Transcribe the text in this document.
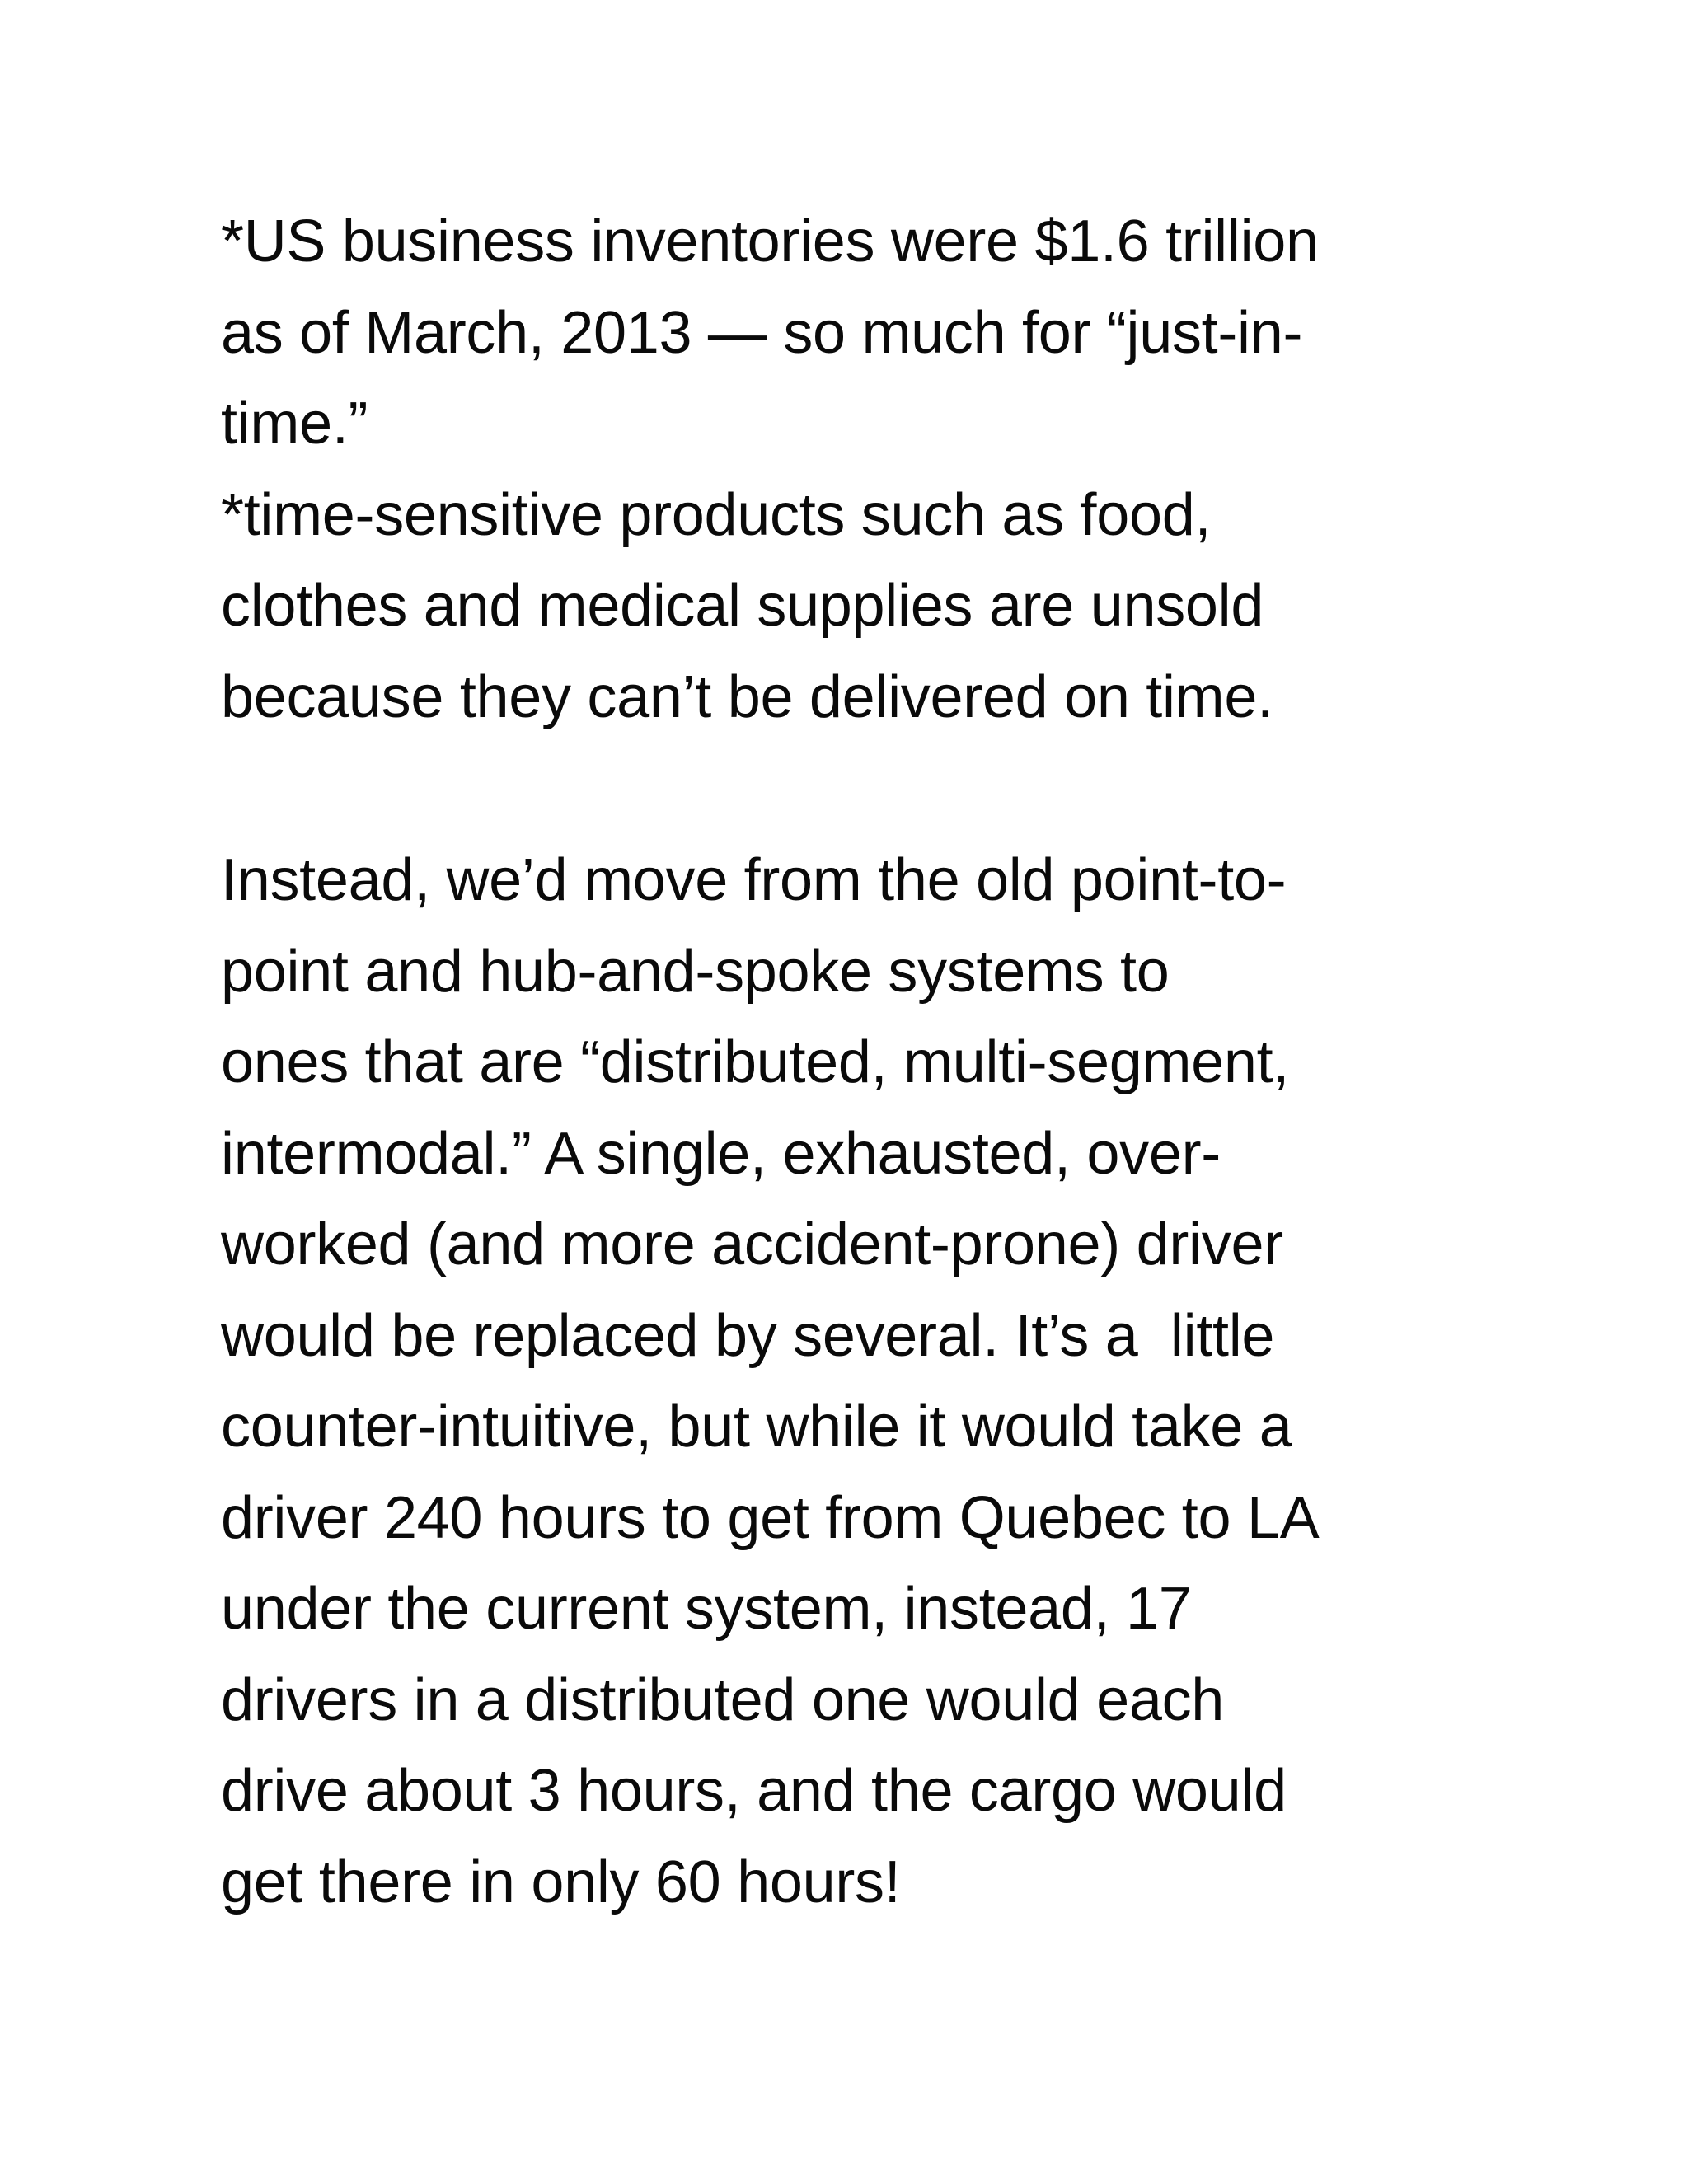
*US business inventories were $1.6 trillion
as of March, 2013 — so much for “just-in-
time.”
*time-sensitive products such as food,
clothes and medical supplies are unsold
because they can’t be delivered on time.
Instead, we’d move from the old point-to-
point and hub-and-spoke systems to
ones that are “distributed, multi-segment,
intermodal.” A single, exhausted, over-
worked (and more accident-prone) driver
would be replaced by several. It’s a  little
counter-intuitive, but while it would take a
driver 240 hours to get from Quebec to LA
under the current system, instead, 17
drivers in a distributed one would each
drive about 3 hours, and the cargo would
get there in only 60 hours!
